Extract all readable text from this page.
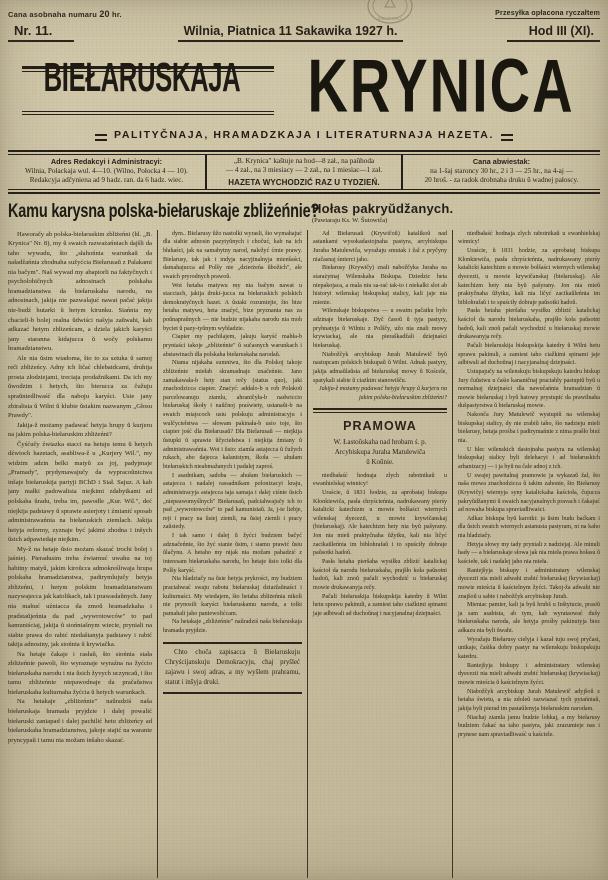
Cana asobnaha numaru 20 hr.	Przesyłka opłacona ryczałtem
Nr. 11.	Wilnia, Piatnica 11 Sakawika 1927 h.	Hod III (XI).
BIEŁARUSKAJA	KRYNICA
PALITYČNAJA, HRAMADZKAJA I LITERATURNAJA HAZETA.
BIBLIOTEKA
Adres Redakcyi i Administracyi:
Wilnia, Połackaja wul. 4—10. (Wilno, Połocka 4 — 10).
Redakcyja adčyniena ad 9 hadz. ran. da 6 hadz. wiec.
„B. Krynica" kaštuje na hod—8 zał., na paŭhoda
— 4 zał., na 3 miesiacy — 2 zał., na 1 miesiac—1 zał.
HAZETA WYCHODZIĆ RAZ U TYDZIEŃ.
Cana abwiestak:
na 1-šaj staroncy 30 hr., 2 i 3 — 25 hr., na 4-aj —
20 hroš. - za radok drobnaha druku ŭ wadnej pałoscy.
Kamu karysna polska-biełaruskaje zbliżeńnie?
Hołas pakryŭdžanych.
(Pawtaraju Ks. W. Šutowiča)

Haworačy ab polska-biełaruskim zbliżeńni (hl. „B. Krynica" Nr. 8), my ŭ swaich razważańniach dajšli da taho wywadu, što „słahońnia warunkaŭ da naładžańnia zhodnaha sužyćcia Biełarusaŭ z Palakami nia bačym". Naš wywad my abapiorli na faktyčnych i psycholohičnych adnosinach polskaha hramadzianstwa da biełaruskaha narodu, na adnosinach, jakija nie pazwalajuć nawat pačać jakija nie-budź hutarki ŭ hetym kirunku. Siańnia my chacieli-b bolej realna ŭdwiści našyja zaŭwahi, kab adkazać hetym zblizeńcam, a dziela jakich karyści jany staranna kidajucca ŭ wočy polskamu hramadzianstwu.

Ale nia ŭsim wiadoma, što to za sztuka ŭ samoj reči zbliżeńcy. Adny ich ličać chlebaidcami, druhija prosta złodziejami, treciaja prodažnikami. Da ich my ŭwodzim i hetych, što bierucca za čužuju spraŭniedliwaść dla naboju karyści. Usie jany zbiralisia ŭ Wilni ŭ klubie ŭsiakim nazwanym „Głosu Prawdy".

Jakija-ž możamy padawać hetyja hrupy ŭ kurjeru na jakim polska-biełaruskim zbliżeńni?

Čyśćučy źwiazka stacci na hetuju temu ŭ hetych dźwioch hazetach, asabliwa-ž u „Kurjery Wil.", my widzim adzin belki matyŭ za joj, padyjmaje „Pramady", prydymawajučy da wypracoŭnictwa inšaje biełaruskija partyji BChD i Siał. Sajuz. A kab jany małki padowalisia niejkimi zdabytkami ad polskaha ŭradu, treba im, pawodle „Kur. Wil.", deć niejkija padstawy ŭ sprawie asierjoty i źmianić sposab administrawańnia na biełaruskich ziemlach. Jakija hetyja reformy, zyznaje być jakimi zhodna i inšych ŭsich adpawiedaje niejkim.

My-ž na hetaje ŭsio możam skazać trochi bolej i jaśniej. Pieradusim treba źwiarnuć uwahu na toj habitny matyŭ, jakim kiroŭcca admokreśliwaja hrupa polskaha hramadzianstwa, padtrymlujučy hetyja zbliżeńni, i hetym polskim hramadzianstwam nazywajecca jak katolikach, tak i prawasłaŭnych. Jany nia mahuć uźniacca da zmoŭ hramadzkaha i pradstaŭjeńnia da pad „wywrotowców" to pad kamuniściaj, jakija ŭ siońniašnym wiecie, pryniali na siabie prawa do rabić niedaštanyja padstawy i rabić takija adnosiny, jak siońnia ŭ krywiačka.

Na hetaje čakaje i rasłaŭ, što siońnia stała zbliżeńnie pawoli, što wyraznaje wyraźna na žyćcio biełaruskaha narodu i nia ŭsich žyvych uczyncaŭ, i što tamu zbliżeńnie niepawodnaje da pračaŭstwa biełaruskaha kulturnaha žyćcia ŭ hetych warunkach.

Na hetakaje „zbliżeńnie" naŭradziś naša biełaruskaja hramada pryjdzie i dalej powalić biełaruski zaniapad i dalej pachilić hetu zbliżeńcy ad biełaruskaha hramadzianstwa, jakoje stajić na waranie pryncypaŭ i tamu nia možam inšaho skazać.

dym.. Bielarusy ŭžo nastolki wyrasli, što wymahajuć dla siabie adnosin pazytyŭnych i chočuć, kab na ich błahaści, jak na samabytny narod, naležyć ćmie prawy. Bielarusy, tak jak i indyja nacyjinalnyja mienšaści, damahajucca ad Polšy nie „dzierżeńa ŭbožich", ale swaich pryrodnych prawoŭ.

Wot hetaha matywu my nia bačym nawat u stacciach, jakija druki-jucca na biełaruskich polskich demokratyčnych hazet. A ŭsiaki rozumiejie, što bize hetaha matywu, heta znaćyć, bize pryznania nas za poŭnapraŭnych — nie budzie nijakaha narodu nia moh byciet ŭ pazy-tyŭnym wyhladzie.

Ciapier my pachilajem, jakuju karyść mahła-b pryniaści takoje „zbliżeńnie" ŭ sučasnych warunkach i abstawinach dla polskaha biełaruskaha narodaŭ.

Niama nijakaha sumniwu, što dla Polskoj takoje zbliżeńnie miełab skramadnaje značeńnie. Jano zamakawała-b hety stan rečy (status quo), jaki znachodzicca ciapier. Znaćyć: addalo-b u rob Polakoŭ parcelowanuju ziamlu, ahraničyła-b nadwiccio biełaruskaj škoły i naŭčnoj praświety, ustanaŭi-b na swaich miajscoch usiu polskuju administracyju i wulčyciełstwa — słowam pakinała-b usio toje, što ciapier jość dla Biełarusaŭ? Dla Bielarusaŭ — niejkija ŭstupki ŭ sprawie ŭčyciełstwa i niejkija źmiany ŭ administrawańnia. Wot i ŭsio: ziamla astajecca ŭ čužych rukach, abo dajecca kalanistym, škoła — ahułam biełaruskich nieabmažanych i padalej zaproś.

I asadnikam, sadoba — ahułam biełaruskich — astajecca i nadalej rassadnikam polonizacyi kraju, administracyja astajecca taja samaja i dalej ciśnie ŭsich „niepeawomyślnych" Biełarusaŭ, padciahwajučy ich to pad „wywrotowców" to pad kamunistaŭ. Ja, j-te liebje, reji i pracy na ŭsiej ziemli, na ŭsiej ziemli i pracy zaŭsiedy.

I tak samo i dalej ŭ žyćci budziem bačyć adznačeńnie, što žyć stanie ŭsim, i siamu prawić ŭsiu ŭlačynu. A hetaho my nijak nia možam pahadzić z interesam biełaruskaha narodu, bo hetaje ŭsio tolki dla Polšy karyść.

Nia hladziačy na ŭsie hetyja prykrości, my budziem praciahwać swaju rabotu biełaruskaj dziaržaŭnaści i kulturnaści. My wiedajem, što hetaha zbliżeńnia nikoli nie prynosili karyści biełaruskamu narodu, a tolki pamahali jaho paniewolićcam.

Na hetakaje „zbliżeńnie" naŭradziś naša biełaruskaja hramada pryjdzie.

Chto choča zapisacca ŭ Biełaruskuju Chryścijanskuju Demokracyju, chaj pryšleć zajawu i swoj adras, a my wyšlem prahramu, statut i inšyja druki.

Ad Biełarusaŭ (Krywičoŭ) katalikoŭ nad astankami wysokadastojnaha pastyra, arcybiskupa Juraha Matulewiča, wyražaju smutak i žal z pryčyny niačasnaj śmierci jaho.

Biełarusy (Krywičy) znali nabožčyka Juraha na starażytnaj Wilenskaha Biskupa. Dziedzic heta niepakojaca, a mala niu sa-rać tak-to i niekalki slot ab historyi wilenskaj biskupskaj stalicy, kali jaje nia mienie.

Wilenskaje biskupstwa — u swaim pačatku było adzinaje biełaruskaje. Dyč časoŭ ŭ tyja pastyry, pryhnatyja ŭ Wilniu z Polščy, užo nia znali mowy krywiackaj, ale nia pieraškadžali dziejnaści biełaruskaj.

Niabožčyk arcybiskup Jurah Matulewič byŭ nastupcam polskich biskupaŭ ŭ Wilni. Adnak pastyry, jakija admaŭlaŭsia ad biełaruskaj mowy ŭ Koścele, spatykali siabie ŭ ciażkim stanowišču.

Jakija-ž możamy padawać hetyja hrupy ŭ kurjeru na jakim polska-biełaruskim zbliżeńni?

PRAMOWA
W. Łastoŭskaha nad hrobam ś. p.
Arcybiskupa Juraha Matulewiča
ŭ Koŭnie.

niedbałaść hodnaja zlych rabotnikaŭ u ewanhielskaj winnicy!

Uraście, ŭ 1831 hodzie, za aprobataj biskupa Kłonkiewiča, pasła chryścieńnia, nadrukawany pierśy katalicki katechizm u mowie bolšaści wiernych wilenskaj dyecezii, u mowie krywičanskaj (biełaruskaj). Ale katechizm hety nia byŭ pašyrany. Jon nia mieŭ praktyčnaha ŭžytku, kali nia ličyć zacikaŭleńnia im biblohrafaŭ i to spuściły dobraje paŭsotki hadoŭ.

Pasła hetaha pieršaha wysiłku zblizić katalickaj kaścioł da narodu biełaruskaha, prajšło koła paŭsotni hadoŭ, kali znoŭ pačali wychodzić u biełaruskaj mowie drukawanyja rečy.

Pačali biełaruskija biskupskija katedry ŭ Wilni hetu sprawu pakinuli, a zamiest taho ciažkimi spinami jaje adbiwali ad duchoŭnaj i nacyjanalnaj dziejnaści.

niedbałaść hodnaja zlych rabotnikaŭ u ewanhielskaj winnicy!

Uraście, ŭ 1831 hodzie, za aprobataj biskupa Kłonkiewiča, pasła chryścieńnia, nadrukawany pierśy katalicki katechizm u mowie bolšaści wiernych wilenskaj dyecezii, u mowie krywičanskaj (biełaruskaj). Ale katechizm hety nia byŭ pašyrany. Jon nia mieŭ praktyčnaha ŭžytku, kali nia ličyć zacikaŭleńnia im biblohrafaŭ i to spuściły dobraje paŭsotki hadoŭ.

Pasła hetaha pieršaha wysiłku zblizić katalickaj kaścioł da narodu biełaruskaha, prajšło koła paŭsotni hadoŭ, kali znoŭ pačali wychodzić u biełaruskaj mowie drukawanyja rečy.

Pačali biełaruskija biskupskija katedry ŭ Wilni hetu sprawu pakinuli, a zamiest taho ciažkimi spinami jaje adbiwali ad duchoŭnaj i nacyjanalnaj dziejnaści.

Ustupajučy na wilenskuju biskupskuju katedru biskup Jury čuŭstwu u čaśie kananičnaj praciahly pastupiŭ byŭ u normalnaj dziejnaści dla nawučańnia hramadzian ŭ mowie biełaruskaj i byŭ hatowy prystupić da prawilnaha dušpastyrstwa ŭ biełaruskaj mowie.

Nakonča Jury Matulewič wystupiŭ na wilenskaj biskupskaj stalicy, dy nie zrabiŭ taho, što nadzieju mieli biełarusy, hetaja prośba i padtrymańnie z nima prašło bieź nia.

U hlec wilenskich dastojnaha pastyra na wilenskaj biskupskaj stalicy byli delehacyi i ad biełaruskich arhanizacyj — i ja byŭ na čale adnoj z ich.

U swajej pawitalnaj pramowie ja wykazaŭ žal, što naša mowa znachodzicca ŭ takim zahonie, što Biełarusy (Krywičy) wiernyja syny katalickaha kaścioła, čujucca pakryŭdžanymi ŭ swaich nacyjanalnych pravach i čakajuć ad nowaha biskupa spraviadliwaści.

Adkaz biskupa byŭ karotki: ja ŭsim budu baćkam i dla ŭsich swaich wiernych astanusia pastyram, ni na kaho nia hladziačy.

Hetyja słowy my tady pryniali z nadziejaj. Ale minuli hady — a biełaruskaje słowa jak nia mieła prawa hołasu ŭ kaściełe, tak i nadalej jaho nia mieła.

Raniejšyja biskupy i administratary wilenskaj dyecezii nia mieli adwahi zrabić biełaruskaj (krywiackaj) mowie mieścia ŭ kaścielnym žyćci. Takoj-ža adwahi nie znajšoŭ u sabie i nabožčyk arcybiskup Jurah.

Mieniac pamier, kali ja byŭ hrubš u Inštytucie, prasiŭ ja sam asabista, ab tym, kab wyrataować dušy biełaruskaha naroda, ale hetyja prośby pakinutyja biez adkazu nia byli ŭwahi.

Wyražaju Biełarusy cielyja i kazał tuju swoj pryčast, unikaje, čaśika dobry pastyr na wilenskuju biskupskuju katedru.

Raniejšyja biskupy i administratary wilenskaj dyecezii nia mieli adwahi zrabić biełaruskaj (krywiackaj) mowie mieścia ŭ kaścielnym žyćci.

Niabožčyk arcybiskup Jurah Matulewič adyjšoŭ z hetaha świetu, a nia zdoleŭ razwiazać tych pytańniaŭ, jakija byli pierad im pastaŭlenyja biełaruskim narodam.

Niachaj ziamla jamu budzie lohkaj, a my biełarusy budziem čakać na taho pastyra, jaki zrazumieje nas i prynese nam spraviadliwaść u kaściele.
